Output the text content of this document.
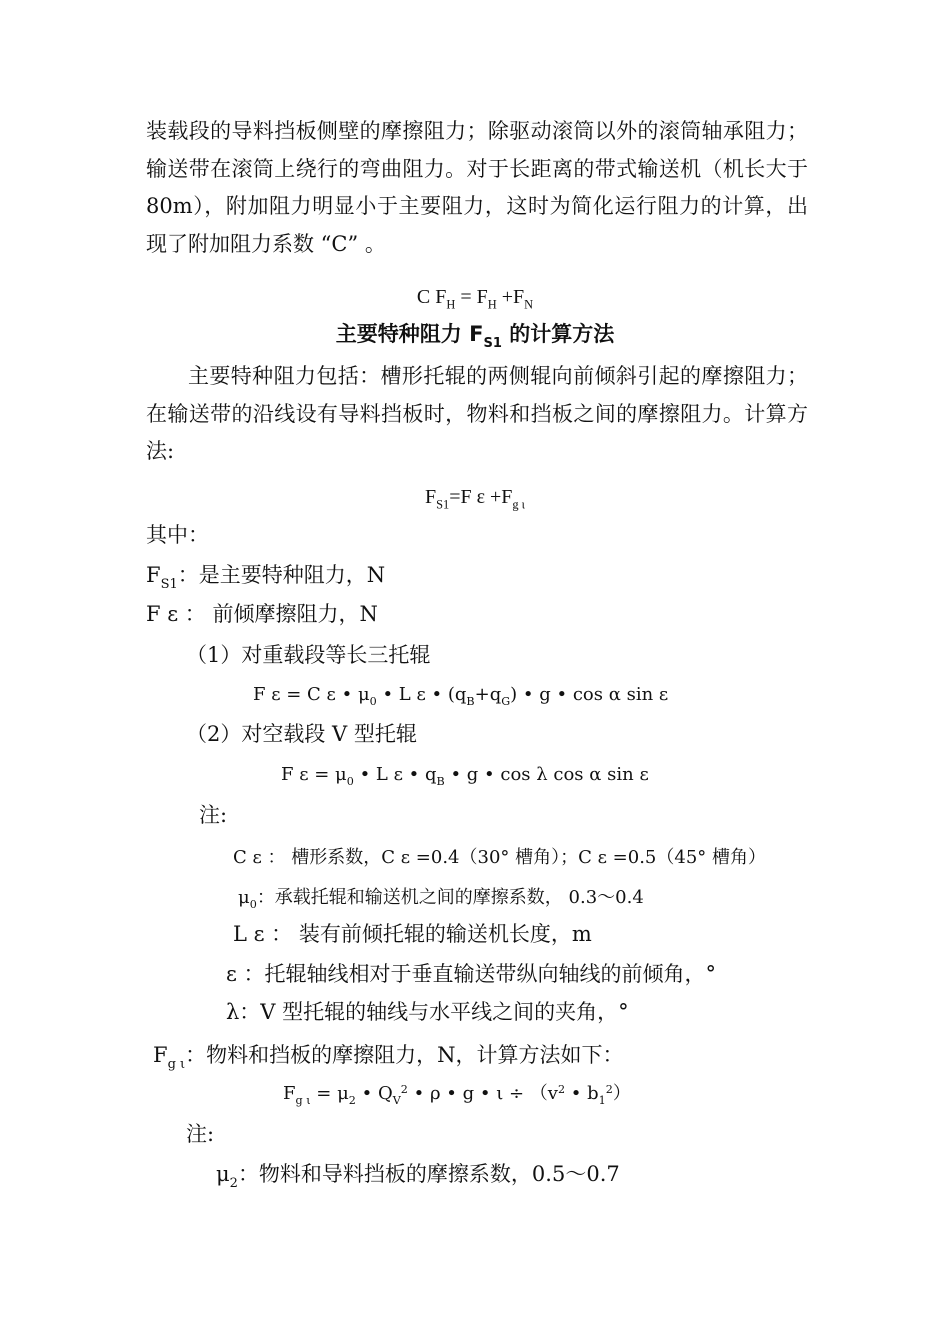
装载段的导料挡板侧壁的摩擦阻力；除驱动滚筒以外的滚筒轴承阻力；输送带在滚筒上绕行的弯曲阻力。对于长距离的带式输送机（机长大于 80m），附加阻力明显小于主要阻力，这时为简化运行阻力的计算，出现了附加阻力系数 “C” 。
C $F_H = F_H +F_N$
主要特种阻力 $F_{S1}$ 的计算方法
主要特种阻力包括：槽形托辊的两侧辊向前倾斜引起的摩擦阻力；在输送带的沿线设有导料挡板时，物料和挡板之间的摩擦阻力。计算方法:
$F_{S1}=F$ $\varepsilon +F_{g \iota}$
其中：
$F_{S1}$：是主要特种阻力，N
F ε ： 前倾摩擦阻力，N
（1）对重载段等长三托辊
F ε = C ε • $\mu_0$ • L ε • $(q_B+q_G)$ • g • cos α sin ε
（2）对空载段 V 型托辊
F $\varepsilon = \mu_0$ • L ε • $q_B$ • g • cos λ cos α sin ε
注:
C ε ： 槽形系数，C ε =0.4（30° 槽角）；C ε =0.5（45° 槽角）
$\mu_0$：承载托辊和输送机之间的摩擦系数， 0.3～0.4
L ε ： 装有前倾托辊的输送机长度，m
ε ：托辊轴线相对于垂直输送带纵向轴线的前倾角，°
λ：V 型托辊的轴线与水平线之间的夹角，°
$F_{g \iota}$：物料和挡板的摩擦阻力，N，计算方法如下：
$F_{g \iota} = \mu_2$ • $Q_V^2$ • ρ • g • $\iota \div (v^2$ • $b_1^2$）
注:
$\mu_2$：物料和导料挡板的摩擦系数，0.5～0.7
